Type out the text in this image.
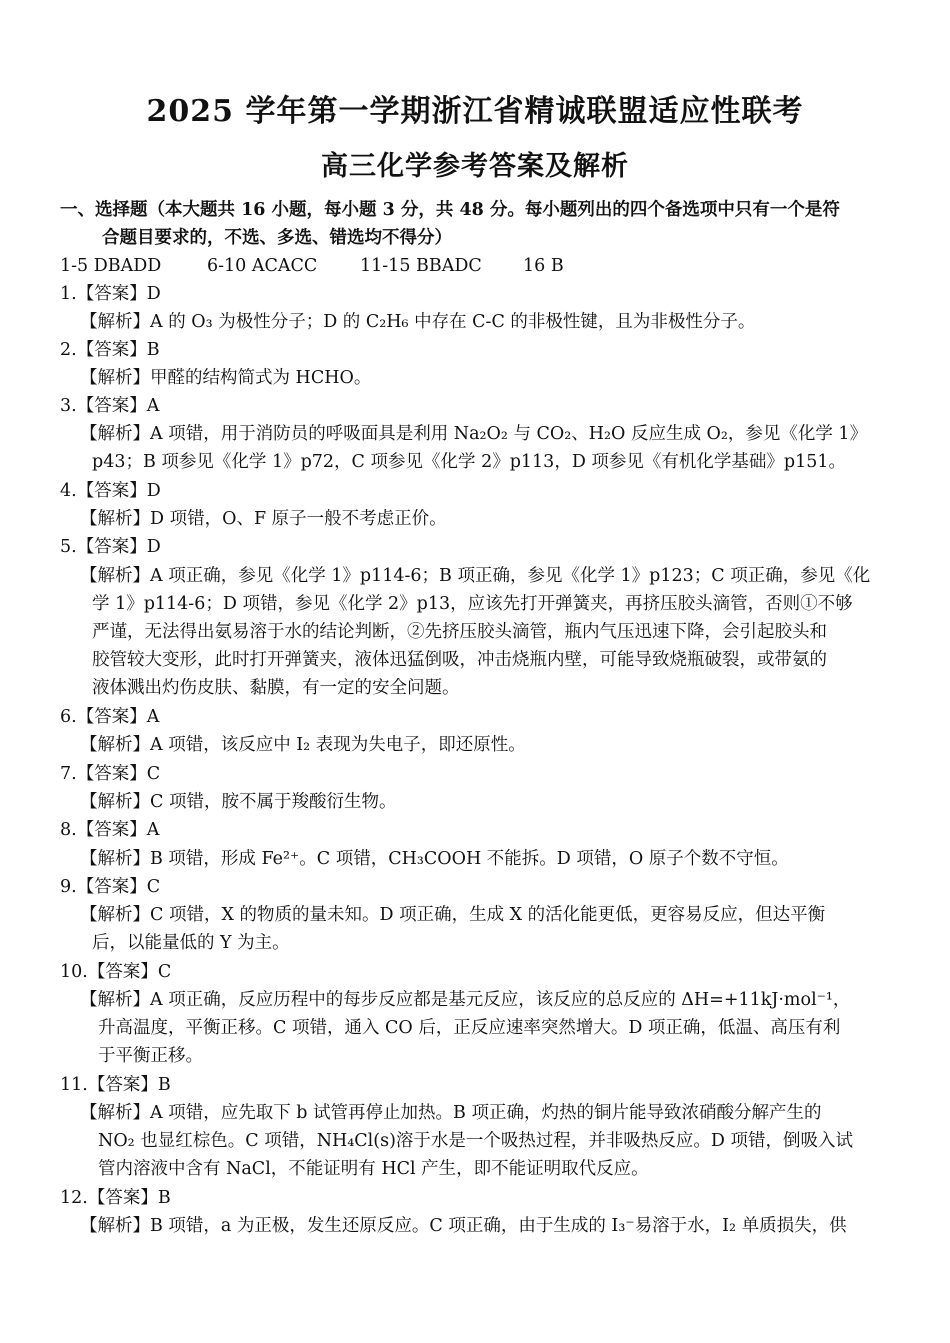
2025 学年第一学期浙江省精诚联盟适应性联考
高三化学参考答案及解析
一、选择题（本大题共 16 小题，每小题 3 分，共 48 分。每小题列出的四个备选项中只有一个是符
合题目要求的，不选、多选、错选均不得分）
1-5 DBADD	6-10 ACACC 11-15 BBADC 16 B
1.【答案】D
【解析】A 的 O₃ 为极性分子；D 的 C₂H₆ 中存在 C-C 的非极性键，且为非极性分子。
2.【答案】B
【解析】甲醛的结构简式为 HCHO。
3.【答案】A
【解析】A 项错，用于消防员的呼吸面具是利用 Na₂O₂ 与 CO₂、H₂O 反应生成 O₂，参见《化学 1》
p43；B 项参见《化学 1》p72，C 项参见《化学 2》p113，D 项参见《有机化学基础》p151。
4.【答案】D
【解析】D 项错，O、F 原子一般不考虑正价。
5.【答案】D
【解析】A 项正确，参见《化学 1》p114-6；B 项正确，参见《化学 1》p123；C 项正确，参见《化
学 1》p114-6；D 项错，参见《化学 2》p13，应该先打开弹簧夹，再挤压胶头滴管，否则①不够
严谨，无法得出氨易溶于水的结论判断，②先挤压胶头滴管，瓶内气压迅速下降，会引起胶头和
胶管较大变形，此时打开弹簧夹，液体迅猛倒吸，冲击烧瓶内壁，可能导致烧瓶破裂，或带氨的
液体溅出灼伤皮肤、黏膜，有一定的安全问题。
6.【答案】A
【解析】A 项错，该反应中 I₂ 表现为失电子，即还原性。
7.【答案】C
【解析】C 项错，胺不属于羧酸衍生物。
8.【答案】A
【解析】B 项错，形成 Fe²⁺。C 项错，CH₃COOH 不能拆。D 项错，O 原子个数不守恒。
9.【答案】C
【解析】C 项错，X 的物质的量未知。D 项正确，生成 X 的活化能更低，更容易反应，但达平衡
后，以能量低的 Y 为主。
10.【答案】C
【解析】A 项正确，反应历程中的每步反应都是基元反应，该反应的总反应的 ΔH=+11kJ·mol⁻¹，
升高温度，平衡正移。C 项错，通入 CO 后，正反应速率突然增大。D 项正确，低温、高压有利
于平衡正移。
11.【答案】B
【解析】A 项错，应先取下 b 试管再停止加热。B 项正确，灼热的铜片能导致浓硝酸分解产生的
NO₂ 也显红棕色。C 项错，NH₄Cl(s)溶于水是一个吸热过程，并非吸热反应。D 项错，倒吸入试
管内溶液中含有 NaCl，不能证明有 HCl 产生，即不能证明取代反应。
12.【答案】B
【解析】B 项错，a 为正极，发生还原反应。C 项正确，由于生成的 I₃⁻易溶于水，I₂ 单质损失，供
